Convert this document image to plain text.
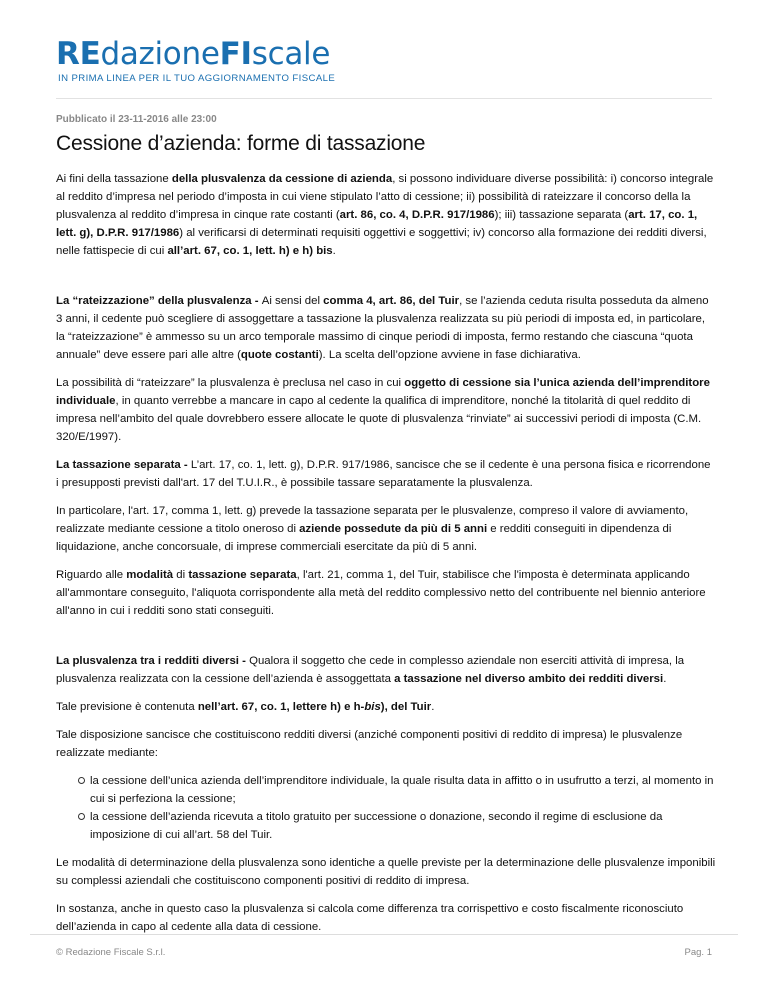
RE dazione FI scale
IN PRIMA LINEA PER IL TUO AGGIORNAMENTO FISCALE
Pubblicato il 23-11-2016 alle 23:00
Cessione d’azienda: forme di tassazione

Ai fini della tassazione della plusvalenza da cessione di azienda, si possono individuare diverse possibilità: i) concorso integrale al reddito d’impresa nel periodo d’imposta in cui viene stipulato l’atto di cessione; ii) possibilità di rateizzare il concorso della la plusvalenza al reddito d’impresa in cinque rate costanti (art. 86, co. 4, D.P.R. 917/1986); iii) tassazione separata (art. 17, co. 1, lett. g), D.P.R. 917/1986) al verificarsi di determinati requisiti oggettivi e soggettivi; iv) concorso alla formazione dei redditi diversi, nelle fattispecie di cui all’art. 67, co. 1, lett. h) e h) bis.

La “rateizzazione” della plusvalenza - Ai sensi del comma 4, art. 86, del Tuir, se l’azienda ceduta risulta posseduta da almeno 3 anni, il cedente può scegliere di assoggettare a tassazione la plusvalenza realizzata su più periodi di imposta ed, in particolare, la “rateizzazione” è ammesso su un arco temporale massimo di cinque periodi di imposta, fermo restando che ciascuna “quota annuale” deve essere pari alle altre (quote costanti). La scelta dell’opzione avviene in fase dichiarativa.

La possibilità di “rateizzare” la plusvalenza è preclusa nel caso in cui oggetto di cessione sia l’unica azienda dell’imprenditore individuale, in quanto verrebbe a mancare in capo al cedente la qualifica di imprenditore, nonché la titolarità di quel reddito di impresa nell’ambito del quale dovrebbero essere allocate le quote di plusvalenza “rinviate” ai successivi periodi di imposta (C.M. 320/E/1997).

La tassazione separata - L’art. 17, co. 1, lett. g), D.P.R. 917/1986, sancisce che se il cedente è una persona fisica e ricorrendone i presupposti previsti dall'art. 17 del T.U.I.R., è possibile tassare separatamente la plusvalenza.

In particolare, l'art. 17, comma 1, lett. g) prevede la tassazione separata per le plusvalenze, compreso il valore di avviamento, realizzate mediante cessione a titolo oneroso di aziende possedute da più di 5 anni e redditi conseguiti in dipendenza di liquidazione, anche concorsuale, di imprese commerciali esercitate da più di 5 anni.

Riguardo alle modalità di tassazione separata, l'art. 21, comma 1, del Tuir, stabilisce che l'imposta è determinata applicando all'ammontare conseguito, l'aliquota corrispondente alla metà del reddito complessivo netto del contribuente nel biennio anteriore all'anno in cui i redditi sono stati conseguiti.

La plusvalenza tra i redditi diversi - Qualora il soggetto che cede in complesso aziendale non eserciti attività di impresa, la plusvalenza realizzata con la cessione dell’azienda è assoggettata a tassazione nel diverso ambito dei redditi diversi.

Tale previsione è contenuta nell’art. 67, co. 1, lettere h) e h-bis), del Tuir.

Tale disposizione sancisce che costituiscono redditi diversi (anziché componenti positivi di reddito di impresa) le plusvalenze realizzate mediante:

la cessione dell’unica azienda dell’imprenditore individuale, la quale risulta data in affitto o in usufrutto a terzi, al momento in cui si perfeziona la cessione;
la cessione dell’azienda ricevuta a titolo gratuito per successione o donazione, secondo il regime di esclusione da imposizione di cui all’art. 58 del Tuir.

Le modalità di determinazione della plusvalenza sono identiche a quelle previste per la determinazione delle plusvalenze imponibili su complessi aziendali che costituiscono componenti positivi di reddito di impresa.

In sostanza, anche in questo caso la plusvalenza si calcola come differenza tra corrispettivo e costo fiscalmente riconosciuto dell’azienda in capo al cedente alla data di cessione.

© Redazione Fiscale S.r.l.	Pag. 1
